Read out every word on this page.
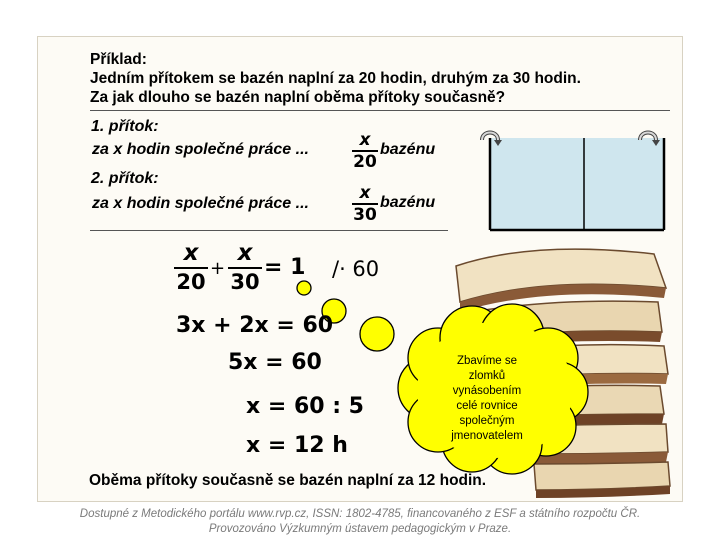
Příklad:
Jedním přítokem se bazén naplní za 20 hodin, druhým za 30 hodin.
Za jak dlouho se bazén naplní oběma přítoky současně?
1. přítok:
za x hodin společné práce ...	x
20
bazénu
2. přítok:
za x hodin společné práce ...
x
30
bazénu
Zbavíme se
zlomků
vynásobením
celé rovnice
společným
jmenovatelem
x
20
+
x
30
= 1 /· 60
3x + 2x = 60
5x = 60
x = 60 : 5
x = 12 h
Oběma přítoky současně se bazén naplní za 12 hodin.
Dostupné z Metodického portálu www.rvp.cz, ISSN: 1802-4785, financovaného z ESF a státního rozpočtu ČR.
Provozováno Výzkumným ústavem pedagogickým v Praze.
